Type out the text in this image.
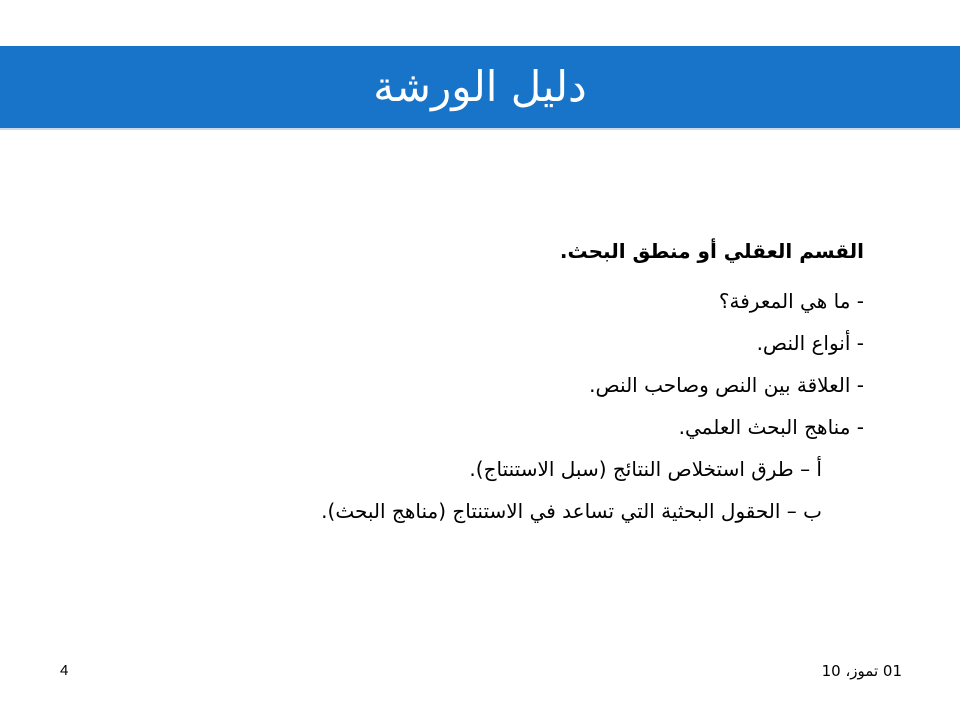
دليل الورشة
القسم العقلي أو منطق البحث.
- ما هي المعرفة؟
- أنواع النص.
- العلاقة بين النص وصاحب النص.
- مناهج البحث العلمي.
أ – طرق استخلاص النتائج (سبل الاستنتاج).
ب – الحقول البحثية التي تساعد في الاستنتاج (مناهج البحث).
4	01 تموز، 10
